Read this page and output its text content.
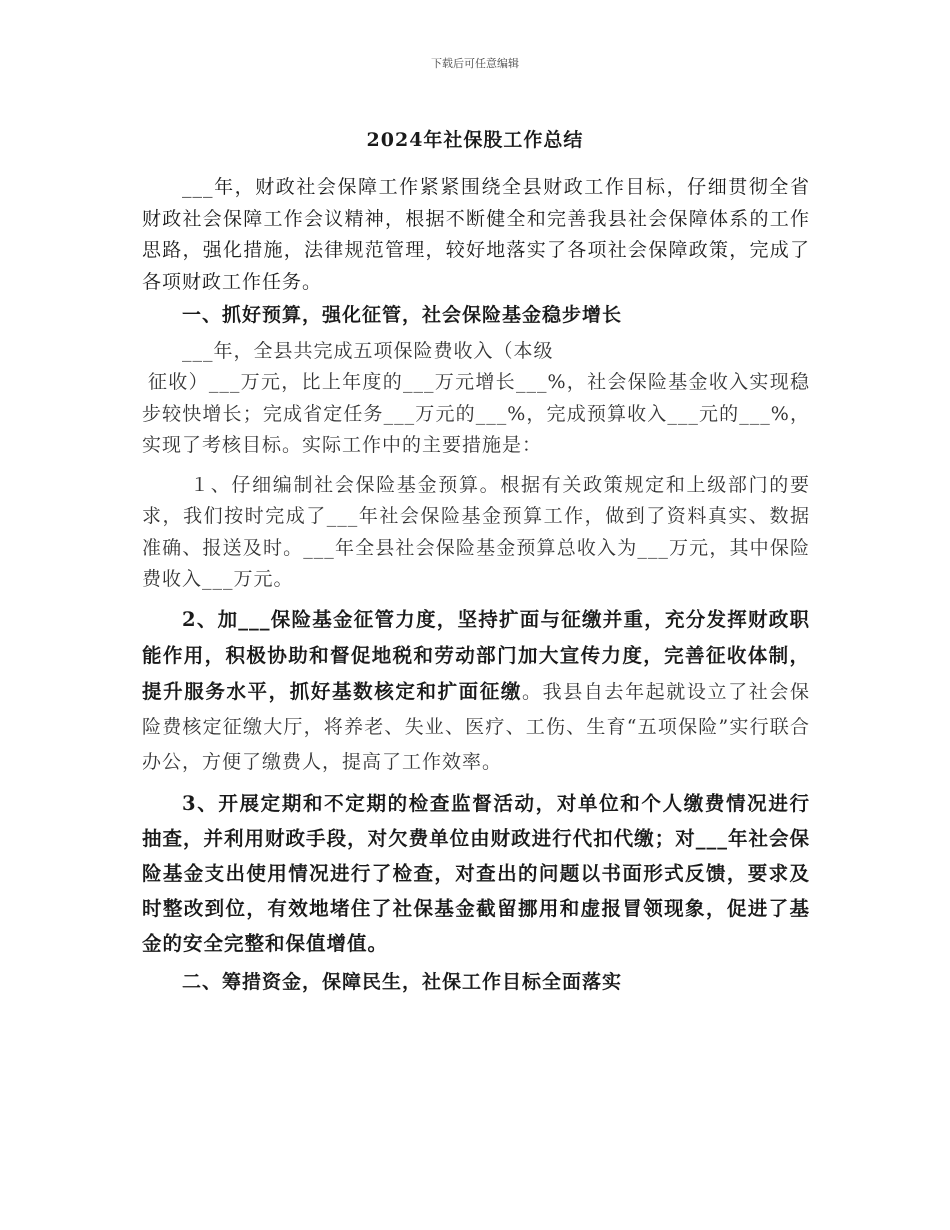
下载后可任意编辑
2024年社保股工作总结

___年，财政社会保障工作紧紧围绕全县财政工作目标，仔细贯彻全省财政社会保障工作会议精神，根据不断健全和完善我县社会保障体系的工作思路，强化措施，法律规范管理，较好地落实了各项社会保障政策，完成了各项财政工作任务。

一、抓好预算，强化征管，社会保险基金稳步增长

___年，全县共完成五项保险费收入（本级

征收）___万元，比上年度的___万元增长___%，社会保险基金收入实现稳步较快增长；完成省定任务___万元的___%，完成预算收入___元的___%，实现了考核目标。实际工作中的主要措施是：

１、仔细编制社会保险基金预算。根据有关政策规定和上级部门的要求，我们按时完成了___年社会保险基金预算工作，做到了资料真实、数据准确、报送及时。___年全县社会保险基金预算总收入为___万元，其中保险费收入___万元。

2、加___保险基金征管力度，坚持扩面与征缴并重，充分发挥财政职能作用，积极协助和督促地税和劳动部门加大宣传力度，完善征收体制，提升服务水平，抓好基数核定和扩面征缴。我县自去年起就设立了社会保险费核定征缴大厅，将养老、失业、医疗、工伤、生育“五项保险”实行联合办公，方便了缴费人，提高了工作效率。

3、开展定期和不定期的检查监督活动，对单位和个人缴费情况进行抽查，并利用财政手段，对欠费单位由财政进行代扣代缴；对___年社会保险基金支出使用情况进行了检查，对查出的问题以书面形式反馈，要求及时整改到位，有效地堵住了社保基金截留挪用和虚报冒领现象，促进了基金的安全完整和保值增值。

二、筹措资金，保障民生，社保工作目标全面落实
